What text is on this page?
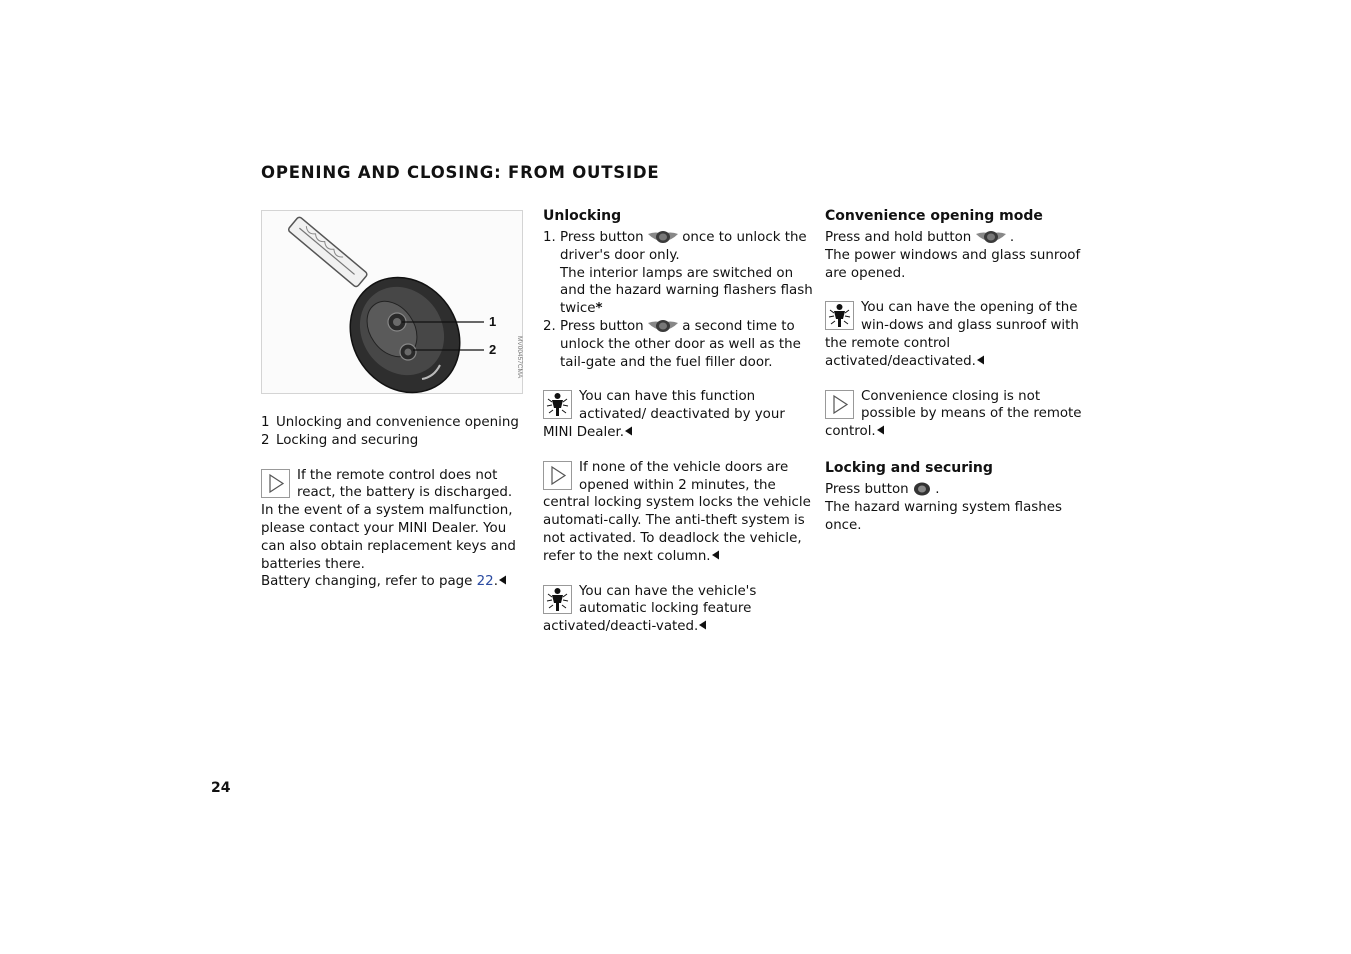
OPENING AND CLOSING: FROM OUTSIDE
1
2	MV00457CMA
1 Unlocking and convenience opening
2 Locking and securing

If the remote control does not react, the battery is discharged.

In the event of a system malfunction, please contact your MINI Dealer. You can also obtain replacement keys and batteries there.

Battery changing, refer to page 22.

Unlocking
1. Press button	once to unlock the driver's door only.
The interior lamps are switched on and the hazard warning flashers flash twice*
2. Press button	a second time to unlock the other door as well as the tail-gate and the fuel filler door.

You can have this function activated/ deactivated by your MINI Dealer.

If none of the vehicle doors are opened within 2 minutes, the central locking system locks the vehicle automati-cally. The anti-theft system is not activated. To deadlock the vehicle, refer to the next column.

You can have the vehicle's automatic locking feature activated/deacti-vated.

Convenience opening mode

Press and hold button	.

The power windows and glass sunroof are opened.

You can have the opening of the win-dows and glass sunroof with the remote control activated/deactivated.

Convenience closing is not possible by means of the remote control.

Locking and securing

Press button .

The hazard warning system flashes once.

24
